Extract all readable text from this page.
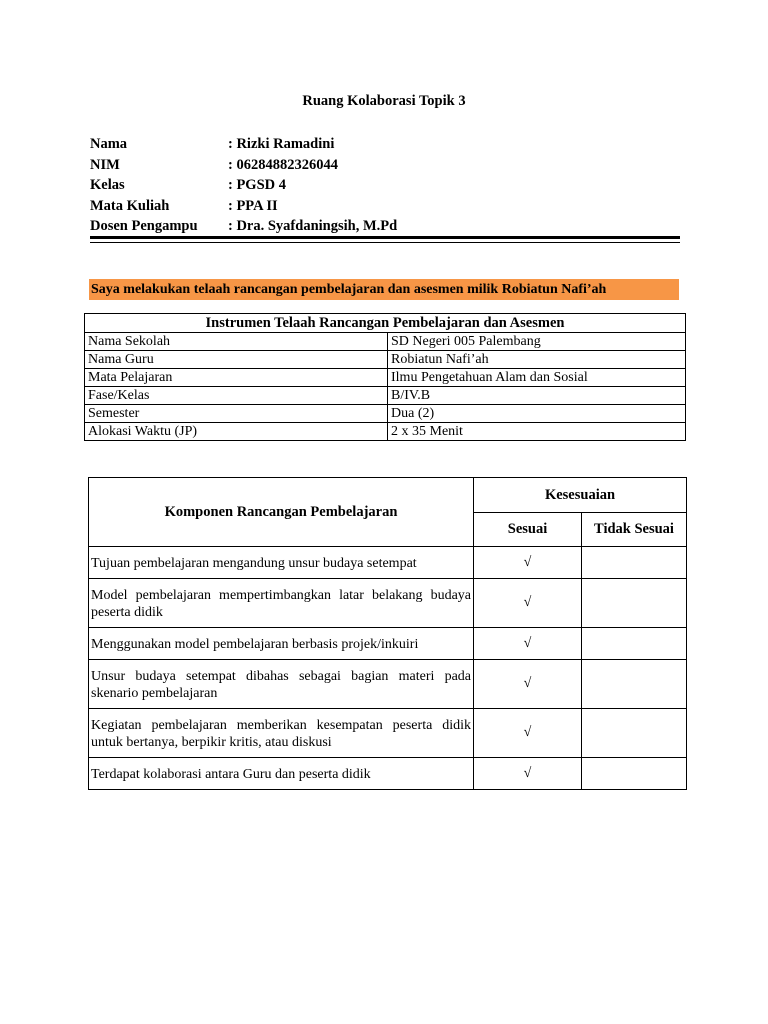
Ruang Kolaborasi Topik 3
Nama	: Rizki Ramadini
NIM	: 06284882326044
Kelas	: PGSD 4
Mata Kuliah	: PPA II
Dosen Pengampu : Dra. Syafdaningsih, M.Pd
Saya melakukan telaah rancangan pembelajaran dan asesmen milik Robiatun Nafi’ah
Instrumen Telaah Rancangan Pembelajaran dan Asesmen	
Nama Sekolah	SD Negeri 005 Palembang
Nama Guru	Robiatun Nafi’ah
Mata Pelajaran	Ilmu Pengetahuan Alam dan Sosial
Fase/Kelas	B/IV.B
Semester	Dua (2)
Alokasi Waktu (JP)	2 x 35 Menit
Komponen Rancangan Pembelajaran	Kesesuaian	
	Sesuai	Tidak Sesuai
Tujuan pembelajaran mengandung unsur budaya setempat	√	
Model pembelajaran mempertimbangkan latar belakang budaya peserta didik	√	
Menggunakan model pembelajaran berbasis projek/inkuiri	√	
Unsur budaya setempat dibahas sebagai bagian materi pada skenario pembelajaran	√	
Kegiatan pembelajaran memberikan kesempatan peserta didik untuk bertanya, berpikir kritis, atau diskusi	√	
Terdapat kolaborasi antara Guru dan peserta didik	√	
